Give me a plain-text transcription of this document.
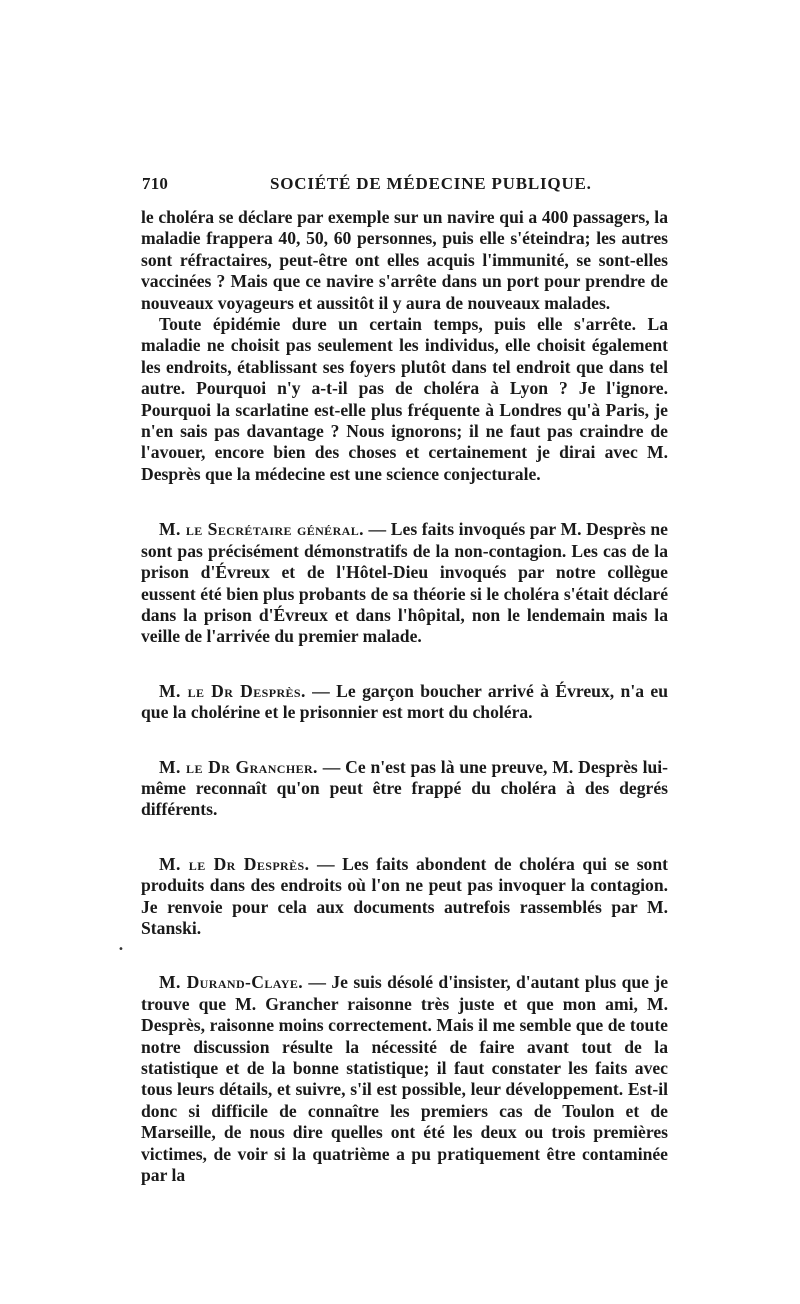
710	SOCIÉTÉ DE MÉDECINE PUBLIQUE.
•

le choléra se déclare par exemple sur un navire qui a 400 passagers, la maladie frappera 40, 50, 60 personnes, puis elle s'éteindra; les autres sont réfractaires, peut-être ont elles acquis l'immunité, se sont-elles vaccinées ? Mais que ce navire s'arrête dans un port pour prendre de nouveaux voyageurs et aussitôt il y aura de nouveaux malades.

Toute épidémie dure un certain temps, puis elle s'arrête. La maladie ne choisit pas seulement les individus, elle choisit également les endroits, établissant ses foyers plutôt dans tel endroit que dans tel autre. Pourquoi n'y a-t-il pas de choléra à Lyon ? Je l'ignore. Pourquoi la scarlatine est-elle plus fréquente à Londres qu'à Paris, je n'en sais pas davantage ? Nous ignorons; il ne faut pas craindre de l'avouer, encore bien des choses et certainement je dirai avec M. Desprès que la médecine est une science conjecturale.

M. le Secrétaire général. — Les faits invoqués par M. Desprès ne sont pas précisément démonstratifs de la non-contagion. Les cas de la prison d'Évreux et de l'Hôtel-Dieu invoqués par notre collègue eussent été bien plus probants de sa théorie si le choléra s'était déclaré dans la prison d'Évreux et dans l'hôpital, non le lendemain mais la veille de l'arrivée du premier malade.

M. le Dr Desprès. — Le garçon boucher arrivé à Évreux, n'a eu que la cholérine et le prisonnier est mort du choléra.

M. le Dr Grancher. — Ce n'est pas là une preuve, M. Desprès lui-même reconnaît qu'on peut être frappé du choléra à des degrés différents.

M. le Dr Desprès. — Les faits abondent de choléra qui se sont produits dans des endroits où l'on ne peut pas invoquer la contagion. Je renvoie pour cela aux documents autrefois rassemblés par M. Stanski.

M. Durand-Claye. — Je suis désolé d'insister, d'autant plus que je trouve que M. Grancher raisonne très juste et que mon ami, M. Desprès, raisonne moins correctement. Mais il me semble que de toute notre discussion résulte la nécessité de faire avant tout de la statistique et de la bonne statistique; il faut constater les faits avec tous leurs détails, et suivre, s'il est possible, leur développement. Est-il donc si difficile de connaître les premiers cas de Toulon et de Marseille, de nous dire quelles ont été les deux ou trois premières victimes, de voir si la quatrième a pu pratiquement être contaminée par la
